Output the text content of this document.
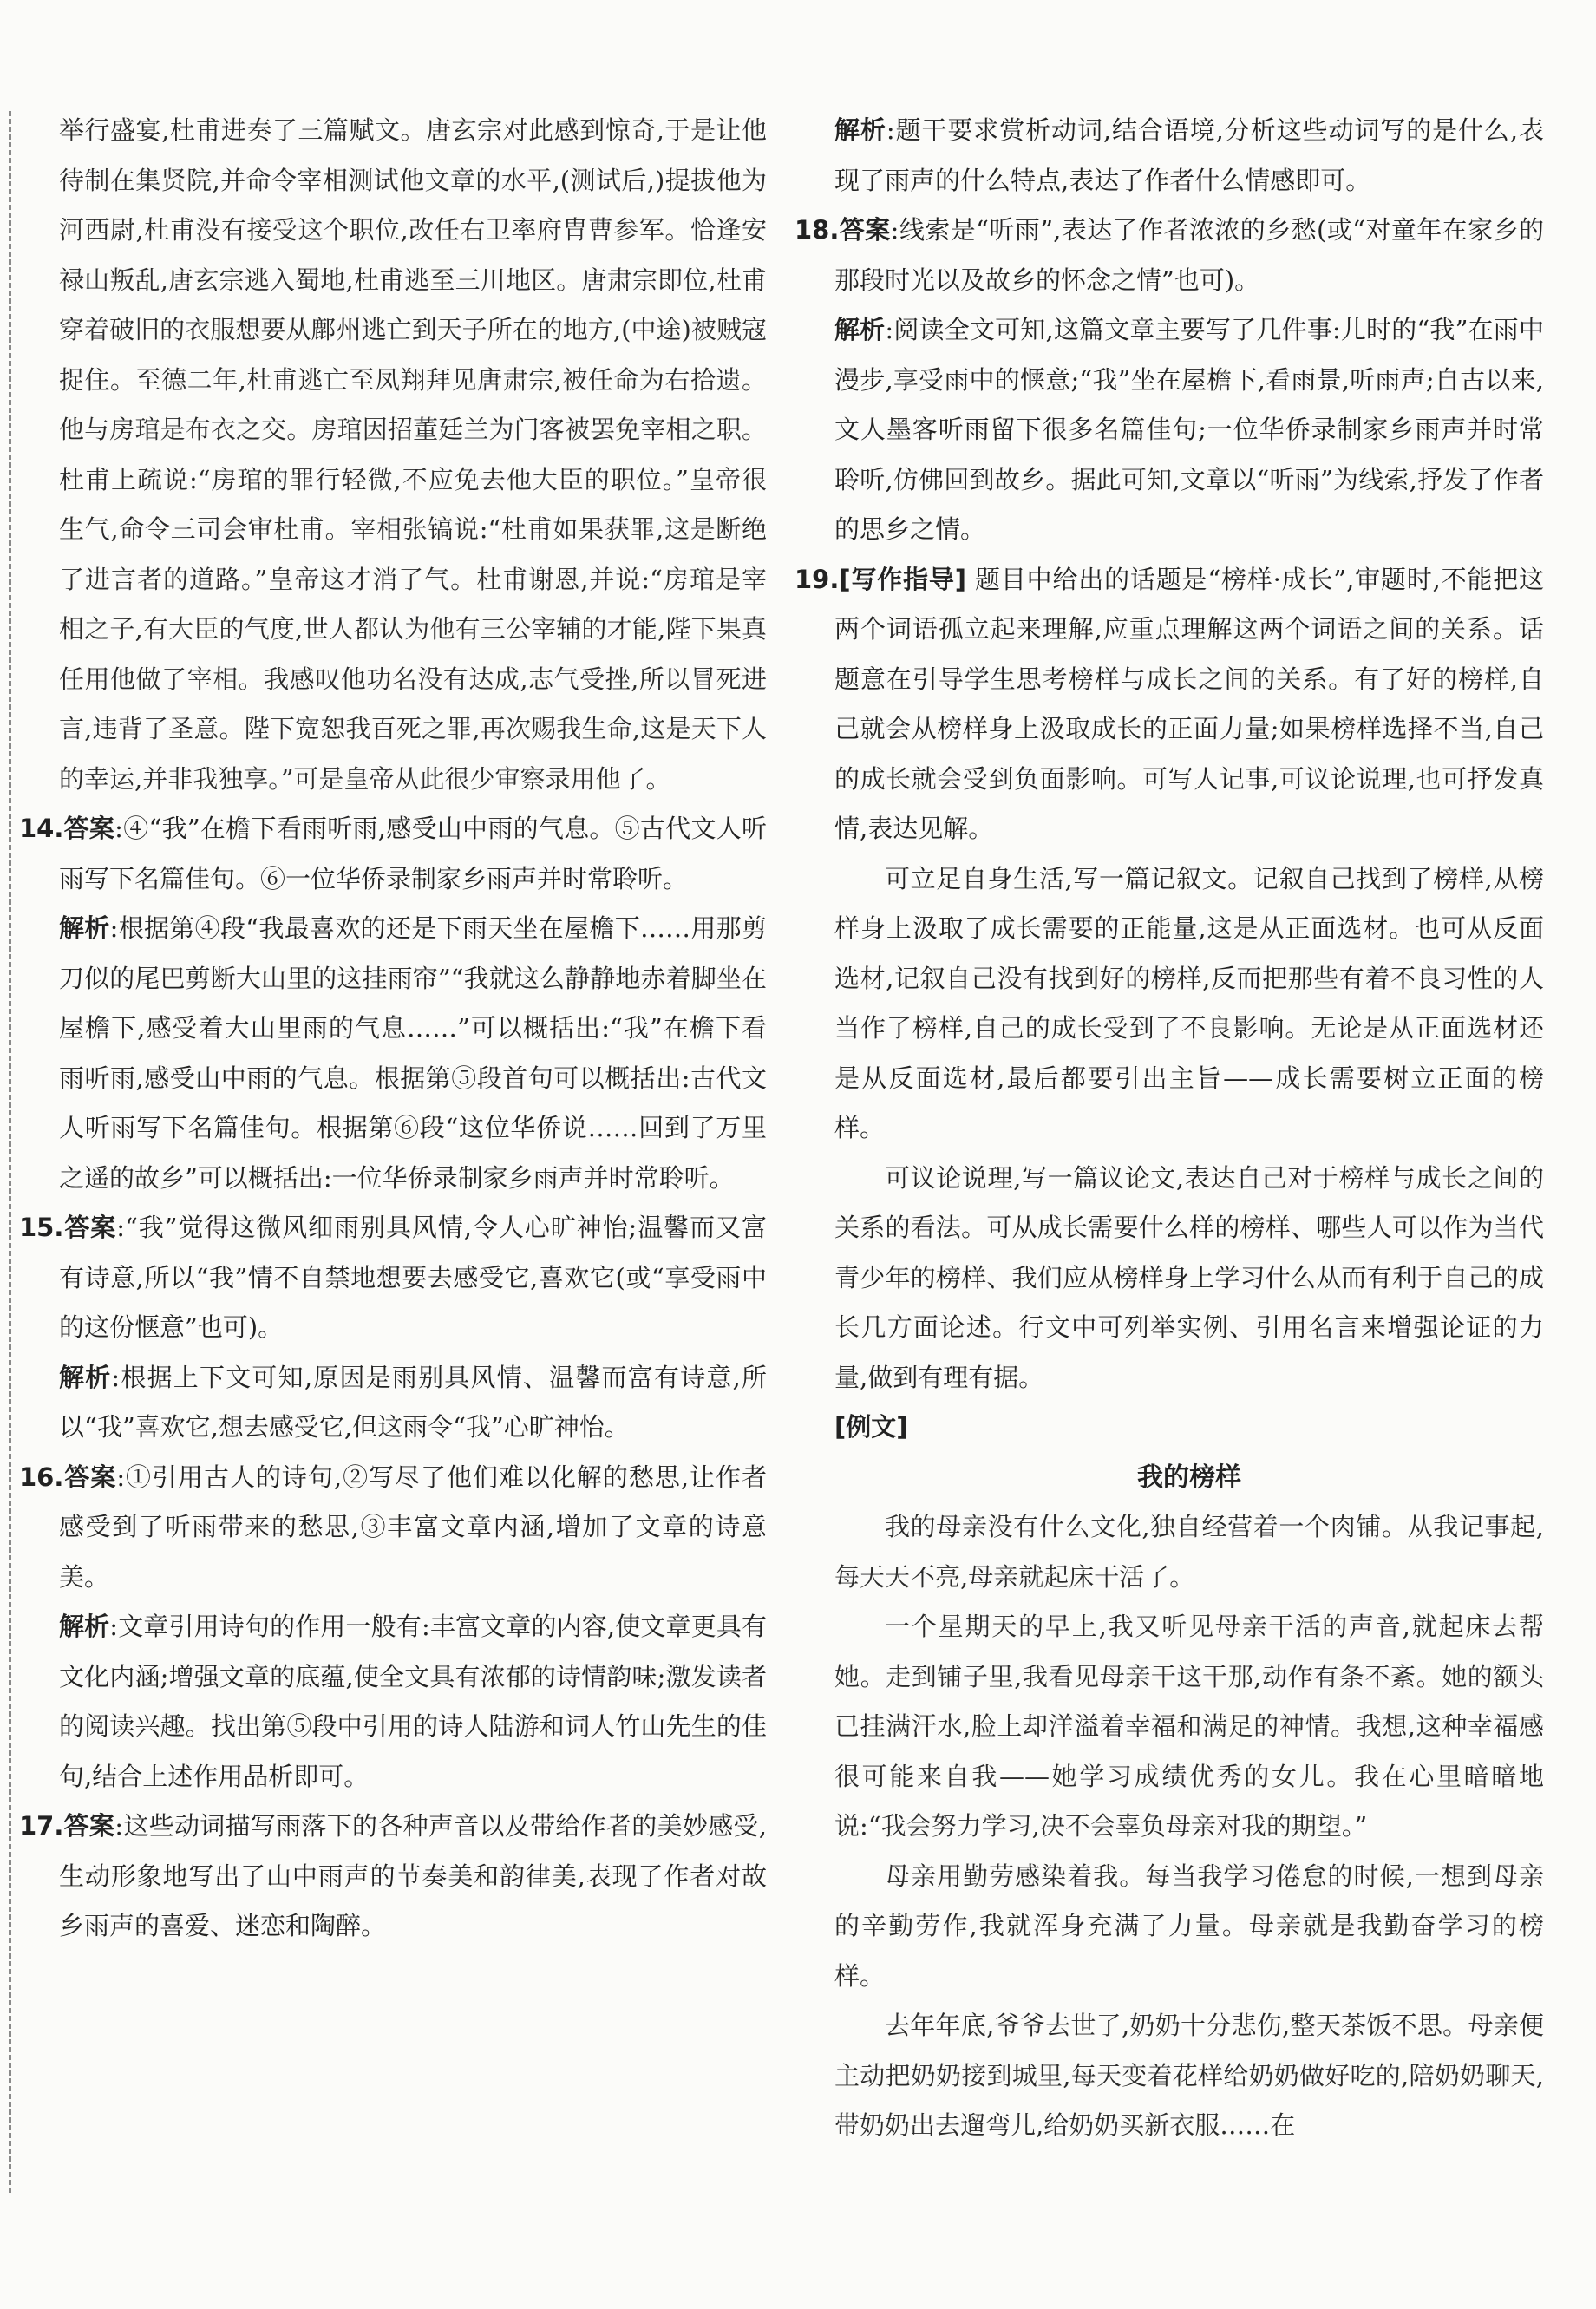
举行盛宴,杜甫进奏了三篇赋文。唐玄宗对此感到惊奇,于是让他待制在集贤院,并命令宰相测试他文章的水平,(测试后,)提拔他为河西尉,杜甫没有接受这个职位,改任右卫率府胄曹参军。恰逢安禄山叛乱,唐玄宗逃入蜀地,杜甫逃至三川地区。唐肃宗即位,杜甫穿着破旧的衣服想要从鄜州逃亡到天子所在的地方,(中途)被贼寇捉住。至德二年,杜甫逃亡至凤翔拜见唐肃宗,被任命为右拾遗。他与房琯是布衣之交。房琯因招董廷兰为门客被罢免宰相之职。杜甫上疏说:“房琯的罪行轻微,不应免去他大臣的职位。”皇帝很生气,命令三司会审杜甫。宰相张镐说:“杜甫如果获罪,这是断绝了进言者的道路。”皇帝这才消了气。杜甫谢恩,并说:“房琯是宰相之子,有大臣的气度,世人都认为他有三公宰辅的才能,陛下果真任用他做了宰相。我感叹他功名没有达成,志气受挫,所以冒死进言,违背了圣意。陛下宽恕我百死之罪,再次赐我生命,这是天下人的幸运,并非我独享。”可是皇帝从此很少审察录用他了。

14.答案:④“我”在檐下看雨听雨,感受山中雨的气息。⑤古代文人听雨写下名篇佳句。⑥一位华侨录制家乡雨声并时常聆听。

解析:根据第④段“我最喜欢的还是下雨天坐在屋檐下……用那剪刀似的尾巴剪断大山里的这挂雨帘”“我就这么静静地赤着脚坐在屋檐下,感受着大山里雨的气息……”可以概括出:“我”在檐下看雨听雨,感受山中雨的气息。根据第⑤段首句可以概括出:古代文人听雨写下名篇佳句。根据第⑥段“这位华侨说……回到了万里之遥的故乡”可以概括出:一位华侨录制家乡雨声并时常聆听。

15.答案:“我”觉得这微风细雨别具风情,令人心旷神怡;温馨而又富有诗意,所以“我”情不自禁地想要去感受它,喜欢它(或“享受雨中的这份惬意”也可)。

解析:根据上下文可知,原因是雨别具风情、温馨而富有诗意,所以“我”喜欢它,想去感受它,但这雨令“我”心旷神怡。

16.答案:①引用古人的诗句,②写尽了他们难以化解的愁思,让作者感受到了听雨带来的愁思,③丰富文章内涵,增加了文章的诗意美。

解析:文章引用诗句的作用一般有:丰富文章的内容,使文章更具有文化内涵;增强文章的底蕴,使全文具有浓郁的诗情韵味;激发读者的阅读兴趣。找出第⑤段中引用的诗人陆游和词人竹山先生的佳句,结合上述作用品析即可。

17.答案:这些动词描写雨落下的各种声音以及带给作者的美妙感受,生动形象地写出了山中雨声的节奏美和韵律美,表现了作者对故乡雨声的喜爱、迷恋和陶醉。

解析:题干要求赏析动词,结合语境,分析这些动词写的是什么,表现了雨声的什么特点,表达了作者什么情感即可。

18.答案:线索是“听雨”,表达了作者浓浓的乡愁(或“对童年在家乡的那段时光以及故乡的怀念之情”也可)。

解析:阅读全文可知,这篇文章主要写了几件事:儿时的“我”在雨中漫步,享受雨中的惬意;“我”坐在屋檐下,看雨景,听雨声;自古以来,文人墨客听雨留下很多名篇佳句;一位华侨录制家乡雨声并时常聆听,仿佛回到故乡。据此可知,文章以“听雨”为线索,抒发了作者的思乡之情。

19.[写作指导] 题目中给出的话题是“榜样·成长”,审题时,不能把这两个词语孤立起来理解,应重点理解这两个词语之间的关系。话题意在引导学生思考榜样与成长之间的关系。有了好的榜样,自己就会从榜样身上汲取成长的正面力量;如果榜样选择不当,自己的成长就会受到负面影响。可写人记事,可议论说理,也可抒发真情,表达见解。

可立足自身生活,写一篇记叙文。记叙自己找到了榜样,从榜样身上汲取了成长需要的正能量,这是从正面选材。也可从反面选材,记叙自己没有找到好的榜样,反而把那些有着不良习性的人当作了榜样,自己的成长受到了不良影响。无论是从正面选材还是从反面选材,最后都要引出主旨——成长需要树立正面的榜样。

可议论说理,写一篇议论文,表达自己对于榜样与成长之间的关系的看法。可从成长需要什么样的榜样、哪些人可以作为当代青少年的榜样、我们应从榜样身上学习什么从而有利于自己的成长几方面论述。行文中可列举实例、引用名言来增强论证的力量,做到有理有据。

[例文]

我的榜样

我的母亲没有什么文化,独自经营着一个肉铺。从我记事起,每天天不亮,母亲就起床干活了。

一个星期天的早上,我又听见母亲干活的声音,就起床去帮她。走到铺子里,我看见母亲干这干那,动作有条不紊。她的额头已挂满汗水,脸上却洋溢着幸福和满足的神情。我想,这种幸福感很可能来自我——她学习成绩优秀的女儿。我在心里暗暗地说:“我会努力学习,决不会辜负母亲对我的期望。”

母亲用勤劳感染着我。每当我学习倦怠的时候,一想到母亲的辛勤劳作,我就浑身充满了力量。母亲就是我勤奋学习的榜样。

去年年底,爷爷去世了,奶奶十分悲伤,整天茶饭不思。母亲便主动把奶奶接到城里,每天变着花样给奶奶做好吃的,陪奶奶聊天,带奶奶出去遛弯儿,给奶奶买新衣服……在
